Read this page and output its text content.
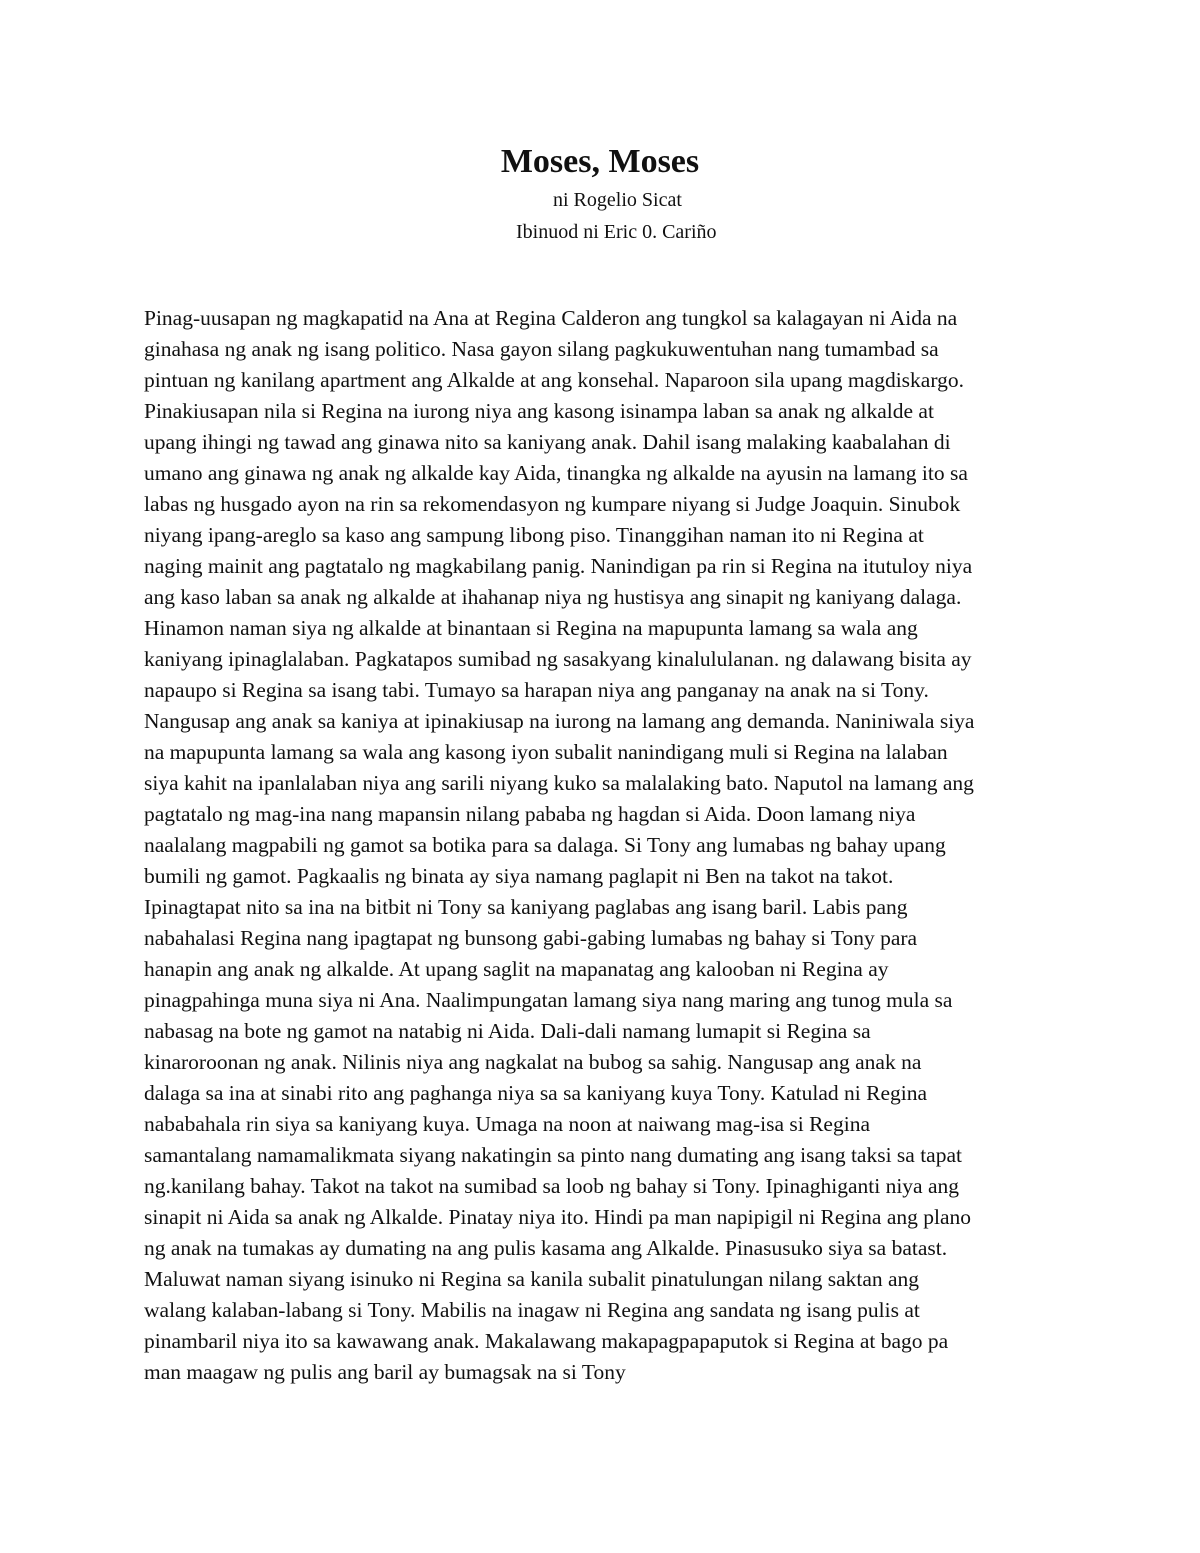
Moses, Moses
ni Rogelio Sicat
Ibinuod ni Eric 0. Cariño
Pinag-uusapan ng magkapatid na Ana at Regina Calderon ang tungkol sa kalagayan ni Aida na
ginahasa ng anak ng isang politico. Nasa gayon silang pagkukuwentuhan nang tumambad sa
pintuan ng kanilang apartment ang Alkalde at ang konsehal. Naparoon sila upang magdiskargo.
Pinakiusapan nila si Regina na iurong niya ang kasong isinampa laban sa anak ng alkalde at
upang ihingi ng tawad ang ginawa nito sa kaniyang anak. Dahil isang malaking kaabalahan di
umano ang ginawa ng anak ng alkalde kay Aida, tinangka ng alkalde na ayusin na lamang ito sa
labas ng husgado ayon na rin sa rekomendasyon ng kumpare niyang si Judge Joaquin. Sinubok
niyang ipang-areglo sa kaso ang sampung libong piso. Tinanggihan naman ito ni Regina at
naging mainit ang pagtatalo ng magkabilang panig. Nanindigan pa rin si Regina na itutuloy niya
ang kaso laban sa anak ng alkalde at ihahanap niya ng hustisya ang sinapit ng kaniyang dalaga.
Hinamon naman siya ng alkalde at binantaan si Regina na mapupunta lamang sa wala ang
kaniyang ipinaglalaban. Pagkatapos sumibad ng sasakyang kinalululanan. ng dalawang bisita ay
napaupo si Regina sa isang tabi. Tumayo sa harapan niya ang panganay na anak na si Tony.
Nangusap ang anak sa kaniya at ipinakiusap na iurong na lamang ang demanda. Naniniwala siya
na mapupunta lamang sa wala ang kasong iyon subalit nanindigang muli si Regina na lalaban
siya kahit na ipanlalaban niya ang sarili niyang kuko sa malalaking bato. Naputol na lamang ang
pagtatalo ng mag-ina nang mapansin nilang pababa ng hagdan si Aida. Doon lamang niya
naalalang magpabili ng gamot sa botika para sa dalaga. Si Tony ang lumabas ng bahay upang
bumili ng gamot. Pagkaalis ng binata ay siya namang paglapit ni Ben na takot na takot.
Ipinagtapat nito sa ina na bitbit ni Tony sa kaniyang paglabas ang isang baril. Labis pang
nabahalasi Regina nang ipagtapat ng bunsong gabi-gabing lumabas ng bahay si Tony para
hanapin ang anak ng alkalde. At upang saglit na mapanatag ang kalooban ni Regina ay
pinagpahinga muna siya ni Ana. Naalimpungatan lamang siya nang maring ang tunog mula sa
nabasag na bote ng gamot na natabig ni Aida. Dali-dali namang lumapit si Regina sa
kinaroroonan ng anak. Nilinis niya ang nagkalat na bubog sa sahig. Nangusap ang anak na
dalaga sa ina at sinabi rito ang paghanga niya sa sa kaniyang kuya Tony. Katulad ni Regina
nababahala rin siya sa kaniyang kuya. Umaga na noon at naiwang mag-isa si Regina
samantalang namamalikmata siyang nakatingin sa pinto nang dumating ang isang taksi sa tapat
ng.kanilang bahay. Takot na takot na sumibad sa loob ng bahay si Tony. Ipinaghiganti niya ang
sinapit ni Aida sa anak ng Alkalde. Pinatay niya ito. Hindi pa man napipigil ni Regina ang plano
ng anak na tumakas ay dumating na ang pulis kasama ang Alkalde. Pinasusuko siya sa batast.
Maluwat naman siyang isinuko ni Regina sa kanila subalit pinatulungan nilang saktan ang
walang kalaban-labang si Tony. Mabilis na inagaw ni Regina ang sandata ng isang pulis at
pinambaril niya ito sa kawawang anak. Makalawang makapagpapaputok si Regina at bago pa
man maagaw ng pulis ang baril ay bumagsak na si Tony
